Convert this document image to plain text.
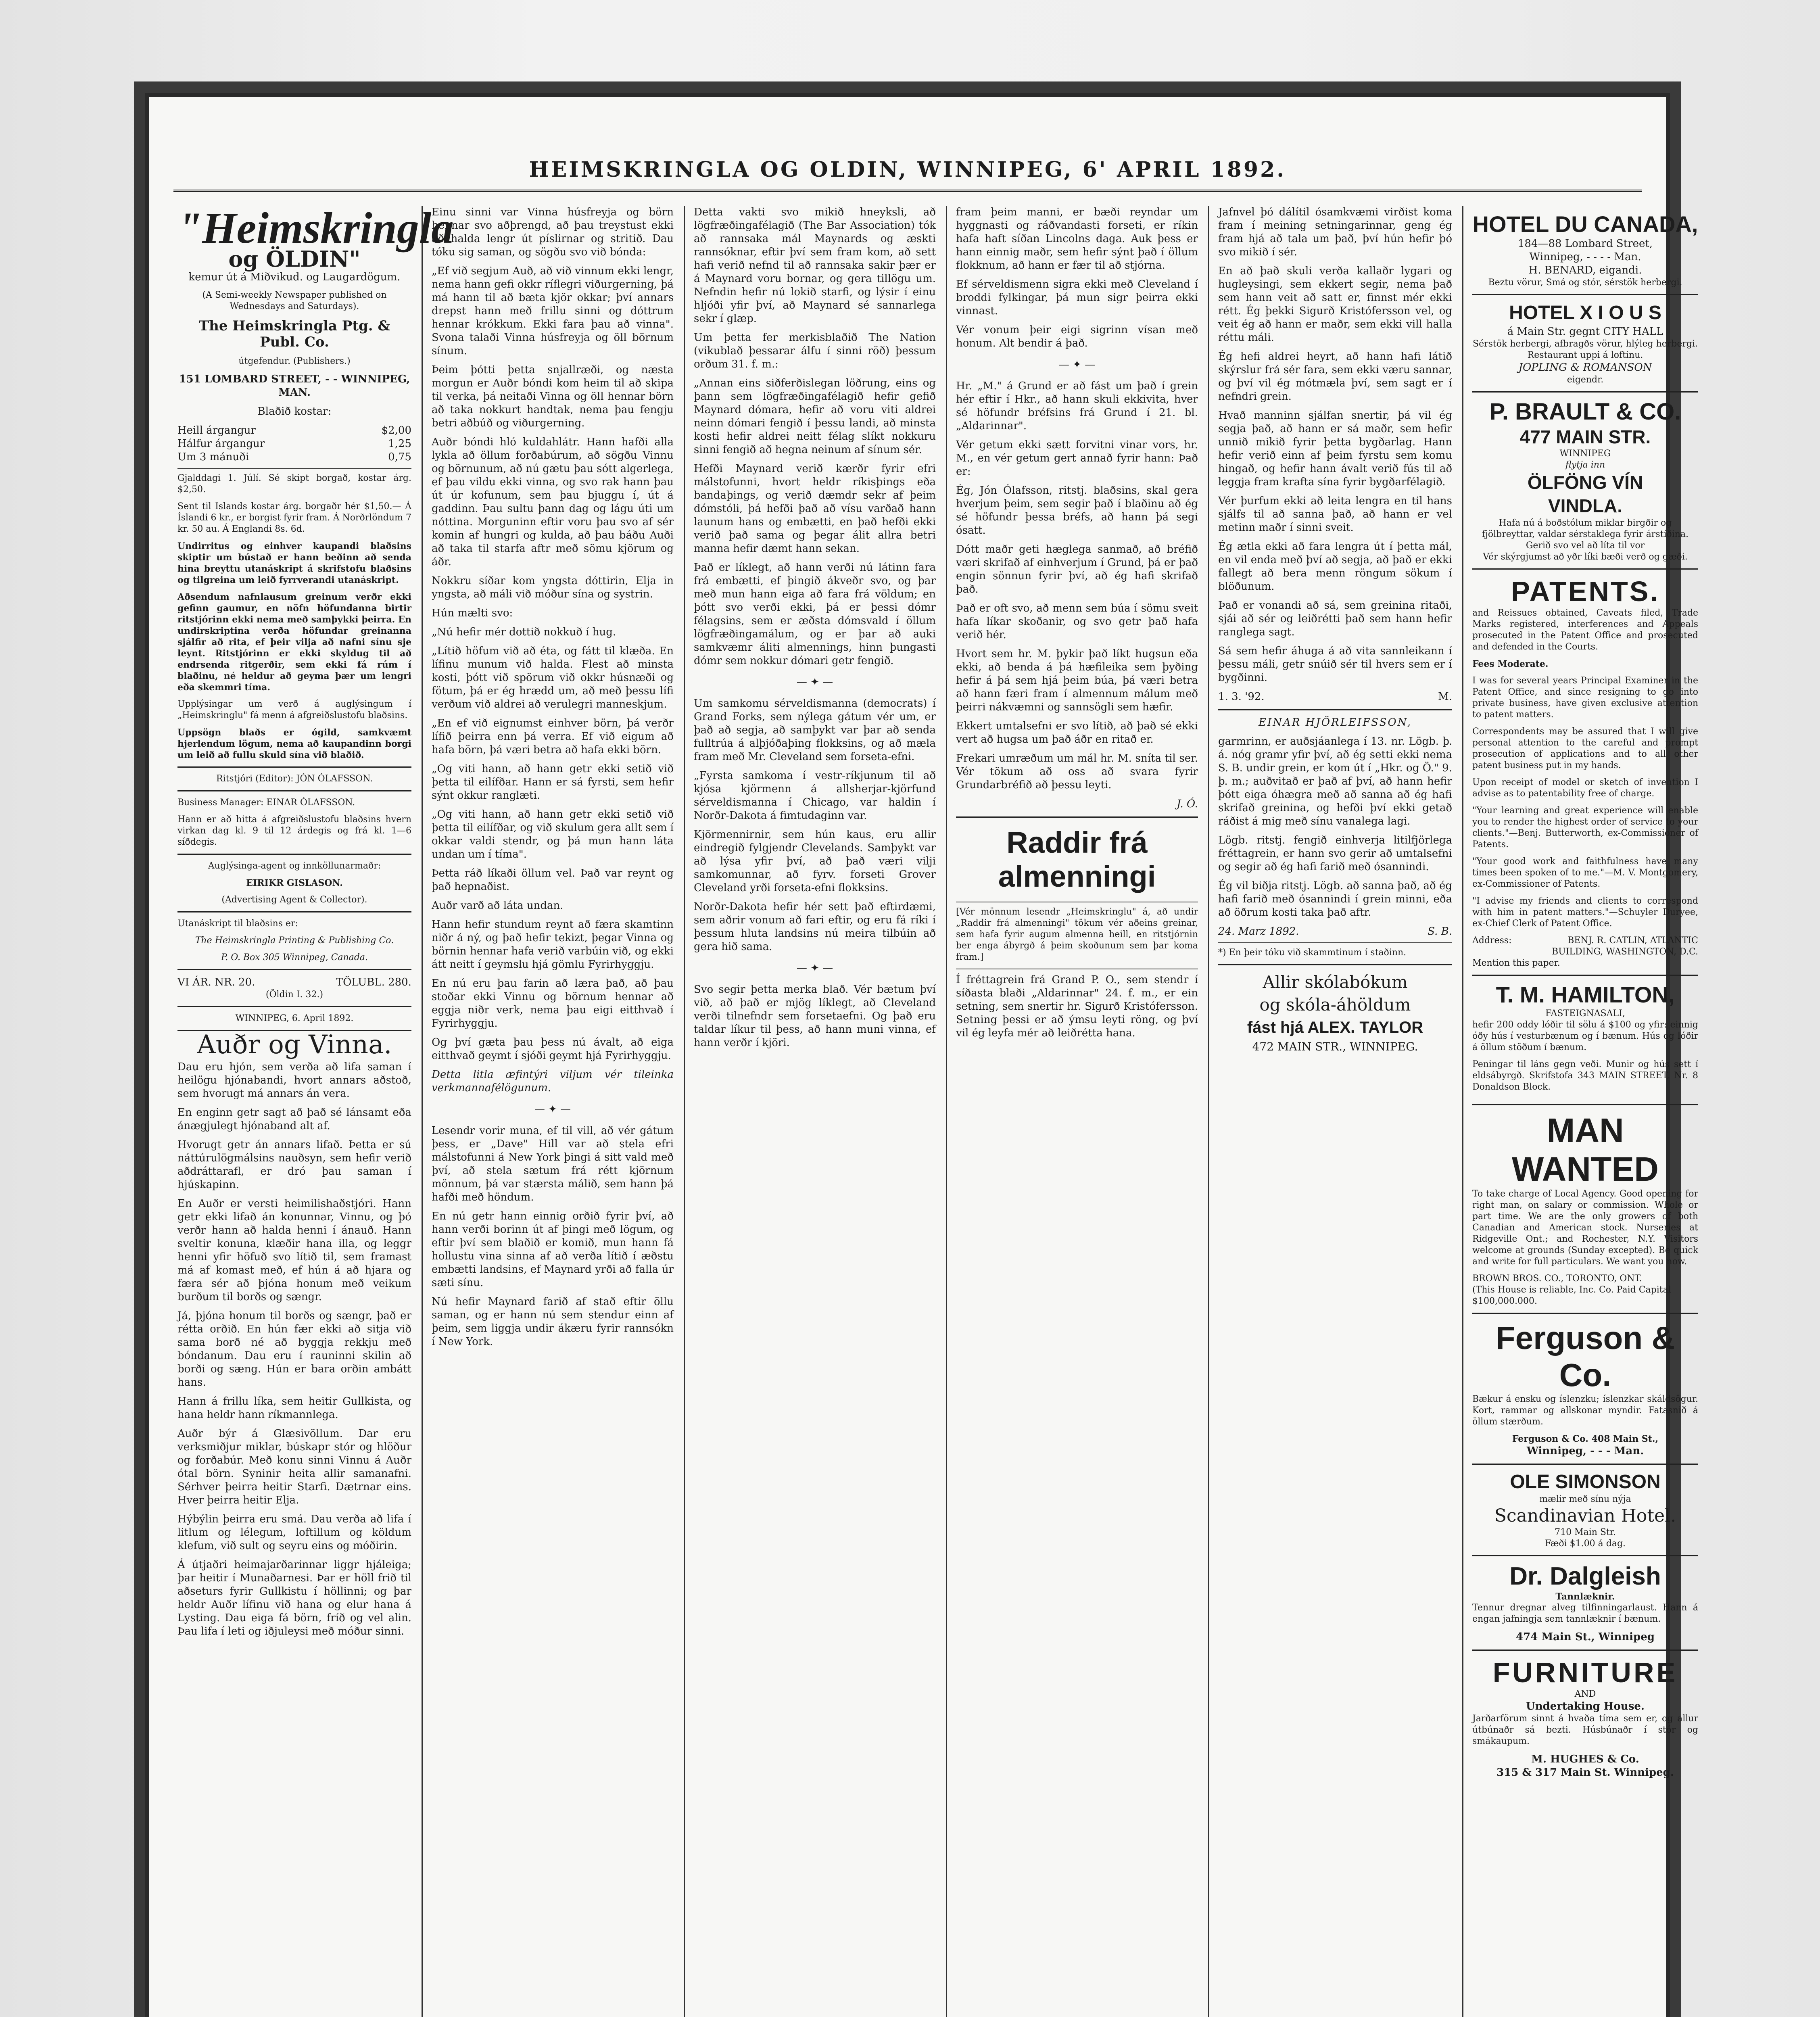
HEIMSKRINGLA OG OLDIN, WINNIPEG, 6' APRIL 1892.
"Heimskringla
og ÖLDIN"

kemur út á Miðvikud. og Laugardögum.

(A Semi-weekly Newspaper published on Wednesdays and Saturdays).

The Heimskringla Ptg. & Publ. Co.

útgefendur. (Publishers.)

151 LOMBARD STREET, - - WINNIPEG, MAN.

Blaðið kostar:

Heill árgangur	$2,00
Hálfur árgangur	1,25
Um 3 mánuði	0,75

Gjalddagi 1. Júlí. Sé skipt borgað, kostar árg. $2,50.

Sent til Islands kostar árg. borgaðr hér $1,50.— Á Íslandi 6 kr., er borgist fyrir fram. Á Norðrlöndum 7 kr. 50 au. Á Englandi 8s. 6d.

Undirritus og einhver kaupandi blaðsins skiptir um bústað er hann beðinn að senda hina breyttu utanáskript á skrifstofu blaðsins og tilgreina um leið fyrrverandi utanáskript.

Aðsendum nafnlausum greinum verðr ekki gefinn gaumur, en nöfn höfundanna birtir ritstjórinn ekki nema með samþykki þeirra. En undirskriptina verða höfundar greinanna sjálfir að rita, ef þeir vilja að nafni sínu sje leynt. Ritstjórinn er ekki skyldug til að endrsenda ritgerðir, sem ekki fá rúm í blaðinu, né heldur að geyma þær um lengri eða skemmri tíma.

Upplýsingar um verð á auglýsingum í „Heimskringlu" fá menn á afgreiðslustofu blaðsins.

Uppsögn blaðs er ógild, samkvæmt hjerlendum lögum, nema að kaupandinn borgi um leið að fullu skuld sína við blaðið.

Ritstjóri (Editor): JÓN ÓLAFSSON.

Business Manager: EINAR ÓLAFSSON.

Hann er að hitta á afgreiðslustofu blaðsins hvern virkan dag kl. 9 til 12 árdegis og frá kl. 1—6 síðdegis.

Auglýsinga-agent og innköllunarmaðr:

EIRIKR GISLASON.

(Advertising Agent & Collector).

Utanáskript til blaðsins er:

The Heimskringla Printing & Publishing Co.

P. O. Box 305 Winnipeg, Canada.

VI ÁR. NR. 20.	TÖLUBL. 280.

(Öldin I. 32.)

WINNIPEG, 6. April 1892.

Auðr og Vinna.

Dau eru hjón, sem verða að lifa saman í heilögu hjónabandi, hvort annars aðstoð, sem hvorugt má annars án vera.

En enginn getr sagt að það sé lánsamt eða ánægjulegt hjónaband alt af.

Hvorugt getr án annars lifað. Þetta er sú náttúrulögmálsins nauðsyn, sem hefir verið aðdráttarafl, er dró þau saman í hjúskapinn.

En Auðr er versti heimilishaðstjóri. Hann getr ekki lifað án konunnar, Vinnu, og þó verðr hann að halda henni í ánauð. Hann sveltir konuna, klæðir hana illa, og leggr henni yfir höfuð svo lítið til, sem framast má af komast með, ef hún á að hjara og færa sér að þjóna honum með veikum burðum til borðs og sængr.

Já, þjóna honum til borðs og sængr, það er rétta orðið. En hún fær ekki að sitja við sama borð né að byggja rekkju með bóndanum. Dau eru í rauninni skilin að borði og sæng. Hún er bara orðin ambátt hans.

Hann á frillu líka, sem heitir Gullkista, og hana heldr hann ríkmannlega.

Auðr býr á Glæsivöllum. Dar eru verksmiðjur miklar, búskapr stór og hlöður og forðabúr. Með konu sinni Vinnu á Auðr ótal börn. Syninir heita allir samanafni. Sérhver þeirra heitir Starfi. Dætrnar eins. Hver þeirra heitir Elja.

Hýbýlin þeirra eru smá. Dau verða að lifa í litlum og lélegum, loftillum og köldum klefum, við sult og seyru eins og móðirin.

Á útjaðri heimajarðarinnar liggr hjáleiga; þar heitir í Munaðarnesi. Þar er höll frið til aðseturs fyrir Gullkistu í höllinni; og þar heldr Auðr lífinu við hana og elur hana á Lysting. Dau eiga fá börn, fríð og vel alin. Þau lifa í leti og iðjuleysi með móður sinni.

Einu sinni var Vinna húsfreyja og börn hennar svo aðþrengd, að þau treystust ekki að halda lengr út píslirnar og stritið. Dau tóku sig saman, og sögðu svo við bónda:

„Ef við segjum Auð, að við vinnum ekki lengr, nema hann gefi okkr ríflegri viðurgerning, þá má hann til að bæta kjör okkar; því annars drepst hann með frillu sinni og dóttrum hennar krókkum. Ekki fara þau að vinna". Svona talaði Vinna húsfreyja og öll börnum sínum.

Þeim þótti þetta snjallræði, og næsta morgun er Auðr bóndi kom heim til að skipa til verka, þá neitaði Vinna og öll hennar börn að taka nokkurt handtak, nema þau fengju betri aðbúð og viðurgerning.

Auðr bóndi hló kuldahlátr. Hann hafði alla lykla að öllum forðabúrum, að sögðu Vinnu og börnunum, að nú gætu þau sótt algerlega, ef þau vildu ekki vinna, og svo rak hann þau út úr kofunum, sem þau bjuggu í, út á gaddinn. Þau sultu þann dag og lágu úti um nóttina. Morguninn eftir voru þau svo af sér komin af hungri og kulda, að þau báðu Auði að taka til starfa aftr með sömu kjörum og áðr.

Nokkru síðar kom yngsta dóttirin, Elja in yngsta, að máli við móður sína og systrin.

Hún mælti svo:

„Nú hefir mér dottið nokkuð í hug.

„Lítið höfum við að éta, og fátt til klæða. En lífinu munum við halda. Flest að minsta kosti, þótt við spörum við okkr húsnæði og fötum, þá er ég hrædd um, að með þessu lífi verðum við aldrei að verulegri manneskjum.

„En ef við eignumst einhver börn, þá verðr lífið þeirra enn þá verra. Ef við eigum að hafa börn, þá væri betra að hafa ekki börn.

„Og viti hann, að hann getr ekki setið við þetta til eilífðar. Hann er sá fyrsti, sem hefir sýnt okkur ranglæti.

„Og viti hann, að hann getr ekki setið við þetta til eilífðar, og við skulum gera allt sem í okkar valdi stendr, og þá mun hann láta undan um í tíma".

Þetta ráð líkaði öllum vel. Það var reynt og það hepnaðist.

Auðr varð að láta undan.

Hann hefir stundum reynt að færa skamtinn niðr á ný, og það hefir tekizt, þegar Vinna og börnin hennar hafa verið varbúin við, og ekki átt neitt í geymslu hjá gömlu Fyrirhyggju.

En nú eru þau farin að læra það, að þau stoðar ekki Vinnu og börnum hennar að eggja niðr verk, nema þau eigi eitthvað í Fyrirhyggju.

Og því gæta þau þess nú ávalt, að eiga eitthvað geymt í sjóði geymt hjá Fyrirhyggju.

Detta litla æfintýri viljum vér tileinka verkmannafélögunum.

— ✦ —

Lesendr vorir muna, ef til vill, að vér gátum þess, er „Dave" Hill var að stela efri málstofunni á New York þingi á sitt vald með því, að stela sætum frá rétt kjörnum mönnum, þá var stærsta málið, sem hann þá hafði með höndum.

En nú getr hann einnig orðið fyrir því, að hann verði borinn út af þingi með lögum, og eftir því sem blaðið er komið, mun hann fá hollustu vina sinna af að verða lítið í æðstu embætti landsins, ef Maynard yrði að falla úr sæti sínu.

Nú hefir Maynard farið af stað eftir öllu saman, og er hann nú sem stendur einn af þeim, sem liggja undir ákæru fyrir rannsókn í New York.

Detta vakti svo mikið hneyksli, að lögfræðingafélagið (The Bar Association) tók að rannsaka mál Maynards og æskti rannsóknar, eftir því sem fram kom, að sett hafi verið nefnd til að rannsaka sakir þær er á Maynard voru bornar, og gera tillögu um. Nefndin hefir nú lokið starfi, og lýsir í einu hljóði yfir því, að Maynard sé sannarlega sekr í glæp.

Um þetta fer merkisblaðið The Nation (vikublað þessarar álfu í sinni röð) þessum orðum 31. f. m.:

„Annan eins siðferðislegan löðrung, eins og þann sem lögfræðingafélagið hefir gefið Maynard dómara, hefir að voru viti aldrei neinn dómari fengið í þessu landi, að minsta kosti hefir aldrei neitt félag slíkt nokkuru sinni fengið að hegna neinum af sínum sér.

Hefði Maynard verið kærðr fyrir efri málstofunni, hvort heldr ríkisþings eða bandaþings, og verið dæmdr sekr af þeim dómstóli, þá hefði það að vísu varðað hann launum hans og embætti, en það hefði ekki verið það sama og þegar álit allra betri manna hefir dæmt hann sekan.

Það er líklegt, að hann verði nú látinn fara frá embætti, ef þingið ákveðr svo, og þar með mun hann eiga að fara frá völdum; en þótt svo verði ekki, þá er þessi dómr félagsins, sem er æðsta dómsvald í öllum lögfræðingamálum, og er þar að auki samkvæmr áliti almennings, hinn þungasti dómr sem nokkur dómari getr fengið.

— ✦ —

Um samkomu sérveldismanna (democrats) í Grand Forks, sem nýlega gátum vér um, er það að segja, að samþykt var þar að senda fulltrúa á alþjóðaþing flokksins, og að mæla fram með Mr. Cleveland sem forseta-efni.

„Fyrsta samkoma í vestr-ríkjunum til að kjósa kjörmenn á allsherjar-kjörfund sérveldismanna í Chicago, var haldin í Norðr-Dakota á fimtudaginn var.

Kjörmennirnir, sem hún kaus, eru allir eindregið fylgjendr Clevelands. Samþykt var að lýsa yfir því, að það væri vilji samkomunnar, að fyrv. forseti Grover Cleveland yrði forseta-efni flokksins.

Norðr-Dakota hefir hér sett það eftirdæmi, sem aðrir vonum að fari eftir, og eru fá ríki í þessum hluta landsins nú meira tilbúin að gera hið sama.

— ✦ —

Svo segir þetta merka blað. Vér bætum því við, að það er mjög líklegt, að Cleveland verði tilnefndr sem forsetaefni. Og það eru taldar líkur til þess, að hann muni vinna, ef hann verðr í kjöri.

fram þeim manni, er bæði reyndar um hyggnasti og ráðvandasti forseti, er ríkin hafa haft síðan Lincolns daga. Auk þess er hann einnig maðr, sem hefir sýnt það í öllum flokknum, að hann er fær til að stjórna.

Ef sérveldismenn sigra ekki með Cleveland í broddi fylkingar, þá mun sigr þeirra ekki vinnast.

Vér vonum þeir eigi sigrinn vísan með honum. Alt bendir á það.

— ✦ —

Hr. „M." á Grund er að fást um það í grein hér eftir í Hkr., að hann skuli ekkivita, hver sé höfundr bréfsins frá Grund í 21. bl. „Aldarinnar".

Vér getum ekki sætt forvitni vinar vors, hr. M., en vér getum gert annað fyrir hann: Það er:

Ég, Jón Ólafsson, ritstj. blaðsins, skal gera hverjum þeim, sem segir það í blaðinu að ég sé höfundr þessa bréfs, að hann þá segi ósatt.

Dótt maðr geti hæglega sanmað, að bréfið væri skrifað af einhverjum í Grund, þá er það engin sönnun fyrir því, að ég hafi skrifað það.

Það er oft svo, að menn sem búa í sömu sveit hafa líkar skoðanir, og svo getr það hafa verið hér.

Hvort sem hr. M. þykir það líkt hugsun eða ekki, að benda á þá hæfileika sem þyðing hefir á þá sem hjá þeim búa, þá væri betra að hann færi fram í almennum málum með þeirri nákvæmni og sannsögli sem hæfir.

Ekkert umtalsefni er svo lítið, að það sé ekki vert að hugsa um það áðr en ritað er.

Frekari umræðum um mál hr. M. sníta til ser. Vér tökum að oss að svara fyrir Grundarbréfið að þessu leyti.

J. Ó.

Raddir frá almenningi

[Vér mönnum lesendr „Heimskringlu" á, að undir „Raddir frá almenningi" tökum vér aðeins greinar, sem hafa fyrir augum almenna heill, en ritstjórnin ber enga ábyrgð á þeim skoðunum sem þar koma fram.]

Í fréttagrein frá Grand P. O., sem stendr í síðasta blaði „Aldarinnar" 24. f. m., er ein setning, sem snertir hr. Sigurð Kristófersson. Setning þessi er að ýmsu leyti röng, og því vil ég leyfa mér að leiðrétta hana.

Jafnvel þó dálítil ósamkvæmi virðist koma fram í meining setningarinnar, geng ég fram hjá að tala um það, því hún hefir þó svo mikið í sér.

En að það skuli verða kallaðr lygari og hugleysingi, sem ekkert segir, nema það sem hann veit að satt er, finnst mér ekki rétt. Ég þekki Sigurð Kristófersson vel, og veit ég að hann er maðr, sem ekki vill halla réttu máli.

Ég hefi aldrei heyrt, að hann hafi látið skýrslur frá sér fara, sem ekki væru sannar, og því vil ég mótmæla því, sem sagt er í nefndri grein.

Hvað manninn sjálfan snertir, þá vil ég segja það, að hann er sá maðr, sem hefir unnið mikið fyrir þetta bygðarlag. Hann hefir verið einn af þeim fyrstu sem komu hingað, og hefir hann ávalt verið fús til að leggja fram krafta sína fyrir bygðarfélagið.

Vér þurfum ekki að leita lengra en til hans sjálfs til að sanna það, að hann er vel metinn maðr í sinni sveit.

Ég ætla ekki að fara lengra út í þetta mál, en vil enda með því að segja, að það er ekki fallegt að bera menn röngum sökum í blöðunum.

Það er vonandi að sá, sem greinina ritaði, sjái að sér og leiðrétti það sem hann hefir ranglega sagt.

Sá sem hefir áhuga á að vita sannleikann í þessu máli, getr snúið sér til hvers sem er í bygðinni.

1. 3. '92.	M.

EINAR HJÖRLEIFSSON,

garmrinn, er auðsjáanlega í 13. nr. Lögb. þ. á. nóg gramr yfir því, að ég setti ekki nema S. B. undir grein, er kom út í „Hkr. og Ö." 9. þ. m.; auðvitað er það af því, að hann hefir þótt eiga óhægra með að sanna að ég hafi skrifað greinina, og hefði því ekki getað ráðist á mig með sínu vanalega lagi.

Lögb. ritstj. fengið einhverja litilfjörlega fréttagrein, er hann svo gerir að umtalsefni og segir að ég hafi farið með ósannindi.

Ég vil biðja ritstj. Lögb. að sanna það, að ég hafi farið með ósannindi í grein minni, eða að öðrum kosti taka það aftr.

24. Marz 1892.	S. B.

*) En þeir tóku við skammtinum í staðinn.

Allir skólabókum
og skóla-áhöldum
fást hjá ALEX. TAYLOR
472 MAIN STR., WINNIPEG.
HOTEL DU CANADA,
184—88 Lombard Street,
Winnipeg, - - - - Man.
H. BENARD, eigandi.
Beztu vörur, Smá og stór, sérstök herbergi.
HOTEL X I O U S
á Main Str. gegnt CITY HALL
Sérstök herbergi, afbragðs vörur, hlýleg herbergi. Restaurant uppi á loftinu.
JOPLING & ROMANSON
eigendr.
P. BRAULT & CO.
477 MAIN STR.
WINNIPEG
flytja inn
ÖLFÖNG VÍN
VINDLA.
Hafa nú á boðstólum miklar birgðir og fjölbreyttar, valdar sérstaklega fyrir árstíðina.
Gerið svo vel að líta til vor
Vér skýrgjumst að yðr líki bæði verð og gæði.
PATENTS.

and Reissues obtained, Caveats filed, Trade Marks registered, interferences and Appeals prosecuted in the Patent Office and prosecuted and defended in the Courts.

Fees Moderate.

I was for several years Principal Examiner in the Patent Office, and since resigning to go into private business, have given exclusive attention to patent matters.

Correspondents may be assured that I will give personal attention to the careful and prompt prosecution of applications and to all other patent business put in my hands.

Upon receipt of model or sketch of invention I advise as to patentability free of charge.

"Your learning and great experience will enable you to render the highest order of service to your clients."—Benj. Butterworth, ex-Commissioner of Patents.

"Your good work and faithfulness have many times been spoken of to me."—M. V. Montgomery, ex-Commissioner of Patents.

"I advise my friends and clients to correspond with him in patent matters."—Schuyler Duryee, ex-Chief Clerk of Patent Office.

Address:	BENJ. R. CATLIN, ATLANTIC BUILDING, WASHINGTON, D.C.
Mention this paper.
T. M. HAMILTON,
FASTEIGNASALI,

hefir 200 oddy lóðir til sölu á $100 og yfir: einnig óðy hús í vesturbænum og í bænum. Hús og lóðir á öllum stöðum í bænum.

Peningar til láns gegn veði. Munir og hús sett í eldsábyrgð. Skrifstofa 343 MAIN STREET, Nr. 8 Donaldson Block.

MAN WANTED

To take charge of Local Agency. Good opening for right man, on salary or commission. Whole or part time. We are the only growers of both Canadian and American stock. Nurseries at Ridgeville Ont.; and Rochester, N.Y. Visitors welcome at grounds (Sunday excepted). Be quick and write for full particulars. We want you now.

BROWN BROS. CO., TORONTO, ONT.
(This House is reliable, Inc. Co. Paid Capital $100,000.000.
Ferguson & Co.

Bækur á ensku og íslenzku; íslenzkar skáldsögur. Kort, rammar og allskonar myndir. Fatasnið á öllum stærðum.

Ferguson & Co. 408 Main St.,
Winnipeg, - - - Man.
OLE SIMONSON
mælir með sínu nýja
Scandinavian Hotel.
710 Main Str.
Fæði $1.00 á dag.
Dr. Dalgleish
Tannlæknir.

Tennur dregnar alveg tilfinningarlaust. Hann á engan jafningja sem tannlæknir í bænum.

474 Main St., Winnipeg
FURNITURE
AND
Undertaking House.

Jarðarförum sinnt á hvaða tíma sem er, og allur útbúnaðr sá bezti. Húsbúnaðr í stór og smákaupum.

M. HUGHES & Co.
315 & 317 Main St. Winnipeg.
